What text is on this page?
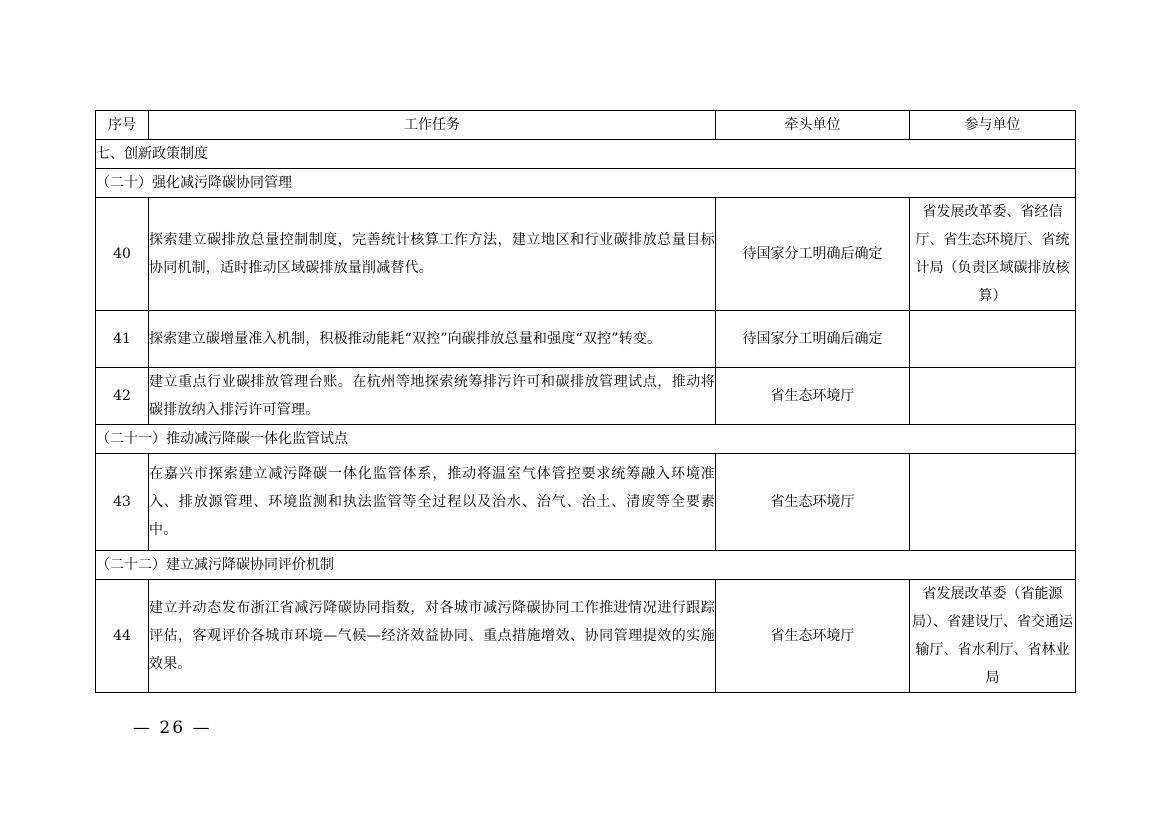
序号	工作任务	牵头单位	参与单位
七、创新政策制度			
（二十）强化减污降碳协同管理			
40	探索建立碳排放总量控制制度，完善统计核算工作方法，建立地区和行业碳排放总量目标协同机制，适时推动区域碳排放量削减替代。	待国家分工明确后确定	省发展改革委、省经信厅、省生态环境厅、省统计局（负责区域碳排放核算）
41	探索建立碳增量准入机制，积极推动能耗“双控”向碳排放总量和强度“双控”转变。	待国家分工明确后确定	
42	建立重点行业碳排放管理台账。在杭州等地探索统筹排污许可和碳排放管理试点，推动将碳排放纳入排污许可管理。	省生态环境厅	
（二十一）推动减污降碳一体化监管试点			
43	在嘉兴市探索建立减污降碳一体化监管体系，推动将温室气体管控要求统筹融入环境准入、排放源管理、环境监测和执法监管等全过程以及治水、治气、治土、清废等全要素中。	省生态环境厅	
（二十二）建立减污降碳协同评价机制			
44	建立并动态发布浙江省减污降碳协同指数，对各城市减污降碳协同工作推进情况进行跟踪评估，客观评价各城市环境—气候—经济效益协同、重点措施增效、协同管理提效的实施效果。	省生态环境厅	省发展改革委（省能源局）、省建设厅、省交通运输厅、省水利厅、省林业局
— 26 —
